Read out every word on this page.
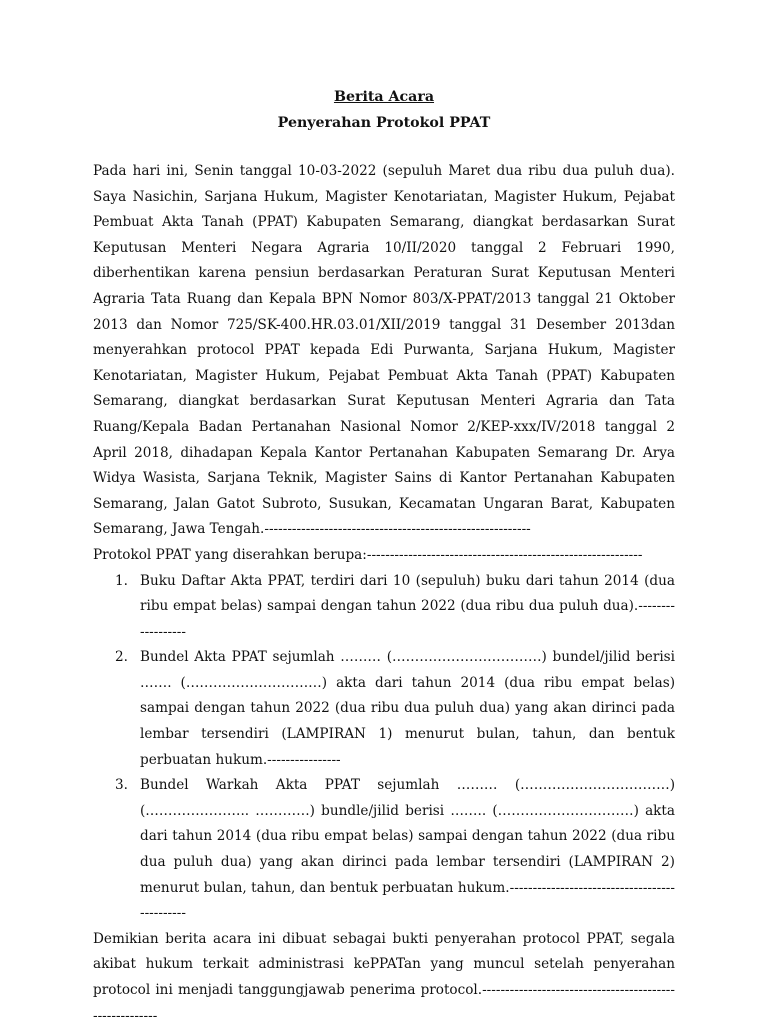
Berita Acara

Penyerahan Protokol PPAT

Pada hari ini, Senin tanggal 10-03-2022 (sepuluh Maret dua ribu dua puluh dua). Saya Nasichin, Sarjana Hukum, Magister Kenotariatan, Magister Hukum, Pejabat Pembuat Akta Tanah (PPAT) Kabupaten Semarang, diangkat berdasarkan Surat Keputusan Menteri Negara Agraria 10/II/2020 tanggal 2 Februari 1990, diberhentikan karena pensiun berdasarkan Peraturan Surat Keputusan Menteri Agraria Tata Ruang dan Kepala BPN Nomor 803/X-PPAT/2013 tanggal 21 Oktober 2013 dan Nomor 725/SK-400.HR.03.01/XII/2019 tanggal 31 Desember 2013dan menyerahkan protocol PPAT kepada Edi Purwanta, Sarjana Hukum, Magister Kenotariatan, Magister Hukum, Pejabat Pembuat Akta Tanah (PPAT) Kabupaten Semarang, diangkat berdasarkan Surat Keputusan Menteri Agraria dan Tata Ruang/Kepala Badan Pertanahan Nasional Nomor 2/KEP-xxx/IV/2018 tanggal 2 April 2018, dihadapan Kepala Kantor Pertanahan Kabupaten Semarang Dr. Arya Widya Wasista, Sarjana Teknik, Magister Sains di Kantor Pertanahan Kabupaten Semarang, Jalan Gatot Subroto, Susukan, Kecamatan Ungaran Barat, Kabupaten Semarang, Jawa Tengah.----------------------------------------------------------

Protokol PPAT yang diserahkan berupa:------------------------------------------------------------

1. Buku Daftar Akta PPAT, terdiri dari 10 (sepuluh) buku dari tahun 2014 (dua ribu empat belas) sampai dengan tahun 2022 (dua ribu dua puluh dua).------------------
2. Bundel Akta PPAT sejumlah ……… (……………………………) bundel/jilid berisi ……. (…………………………) akta dari tahun 2014 (dua ribu empat belas) sampai dengan tahun 2022 (dua ribu dua puluh dua) yang akan dirinci pada lembar tersendiri (LAMPIRAN 1) menurut bulan, tahun, dan bentuk perbuatan hukum.----------------
3. Bundel Warkah Akta PPAT sejumlah ……… (……………………………) (………………….. …………) bundle/jilid berisi …….. (…………………………) akta dari tahun 2014 (dua ribu empat belas) sampai dengan tahun 2022 (dua ribu dua puluh dua) yang akan dirinci pada lembar tersendiri (LAMPIRAN 2) menurut bulan, tahun, dan bentuk perbuatan hukum.----------------------------------------------

Demikian berita acara ini dibuat sebagai bukti penyerahan protocol PPAT, segala akibat hukum terkait administrasi kePPATan yang muncul setelah penyerahan protocol ini menjadi tanggungjawab penerima protocol.--------------------------------------------------------
